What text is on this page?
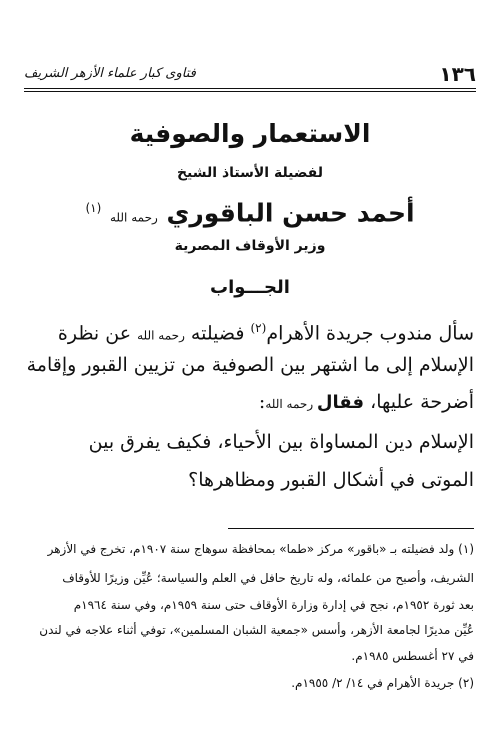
١٣٦
فتاوى كبار علماء الأزهر الشريف
الاستعمار والصوفية
لفضيلة الأستاذ الشيخ
أحمد حسن الباقوري رحمه الله $^{(١)}$
وزير الأوقاف المصرية
الجـــواب
سأل مندوب جريدة الأهرام$^{(٢)}$ فضيلته رحمه الله عن نظرة
الإسلام إلى ما اشتهر بين الصوفية من تزيين القبور وإقامة
أضرحة عليها، فقال رحمه الله:
الإسلام دين المساواة بين الأحياء، فكيف يفرق بين
الموتى في أشكال القبور ومظاهرها؟
(١) ولد فضيلته بـ «باقور» مركز «طما» بمحافظة سوهاج سنة ١٩٠٧م، تخرج في الأزهر
الشريف، وأصبح من علمائه، وله تاريخ حافل في العلم والسياسة؛ عُيِّن وزيرًا للأوقاف
بعد ثورة ١٩٥٢م، نجح في إدارة وزارة الأوقاف حتى سنة ١٩٥٩م، وفي سنة ١٩٦٤م
عُيِّن مديرًا لجامعة الأزهر، وأسس «جمعية الشبان المسلمين»، توفي أثناء علاجه في لندن
في ٢٧ أغسطس ١٩٨٥م.
(٢) جريدة الأهرام في ١٤/ ٢/ ١٩٥٥م.
